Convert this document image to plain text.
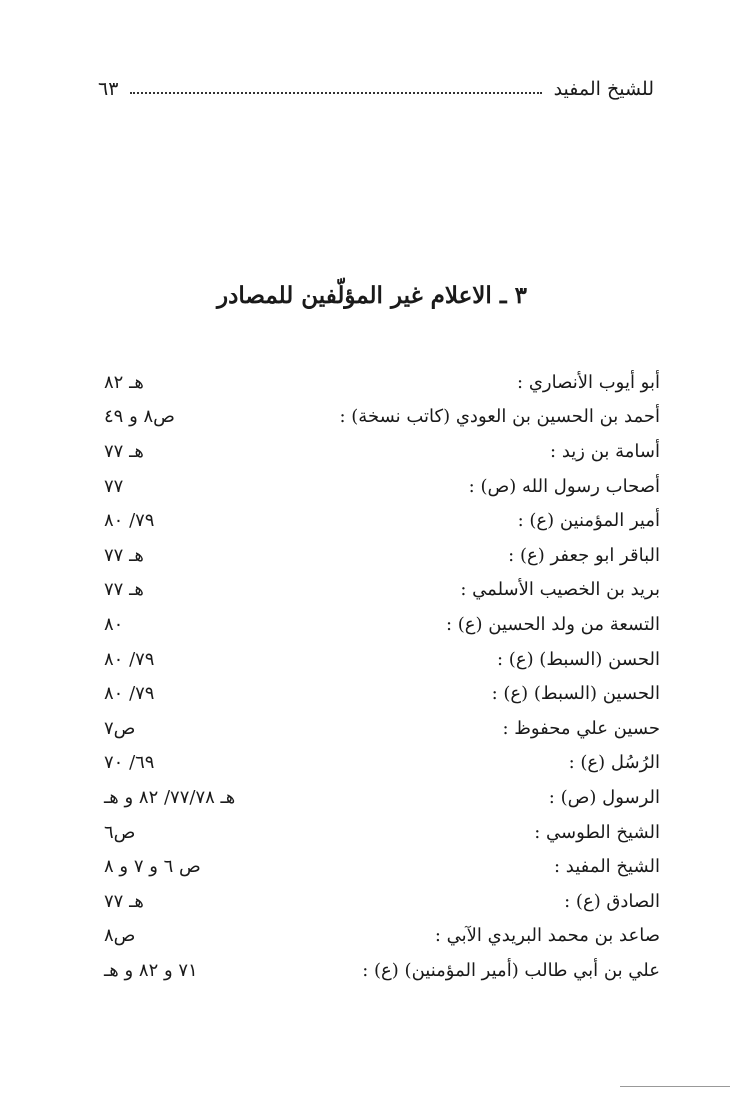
للشيخ المفيد
٦٣
٣ ـ الاعلام غير المؤلّفين للمصادر
هـ ٨٢	أبو أيوب الأنصاري :
ص٨ و ٤٩	أحمد بن الحسين بن العودي (كاتب نسخة) :
هـ ٧٧	أسامة بن زيد :
٧٧	أصحاب رسول الله (ص) :
٧٩/ ٨٠	أمير المؤمنين (ع) :
هـ ٧٧	الباقر ابو جعفر (ع) :
هـ ٧٧	بريد بن الخصيب الأسلمي :
٨٠	التسعة من ولد الحسين (ع) :
٧٩/ ٨٠	الحسن (السبط) (ع) :
٧٩/ ٨٠	الحسين (السبط) (ع) :
ص٧	حسين علي محفوظ :
٦٩/ ٧٠	الرُسُل (ع) :
هـ ٧٧/٧٨/ ٨٢ و هـ	الرسول (ص) :
ص٦	الشيخ الطوسي :
ص ٦ و ٧ و ٨	الشيخ المفيد :
هـ ٧٧	الصادق (ع) :
ص٨	صاعد بن محمد البريدي الآبي :
٧١ و ٨٢ و هـ	علي بن أبي طالب (أمير المؤمنين) (ع) :
